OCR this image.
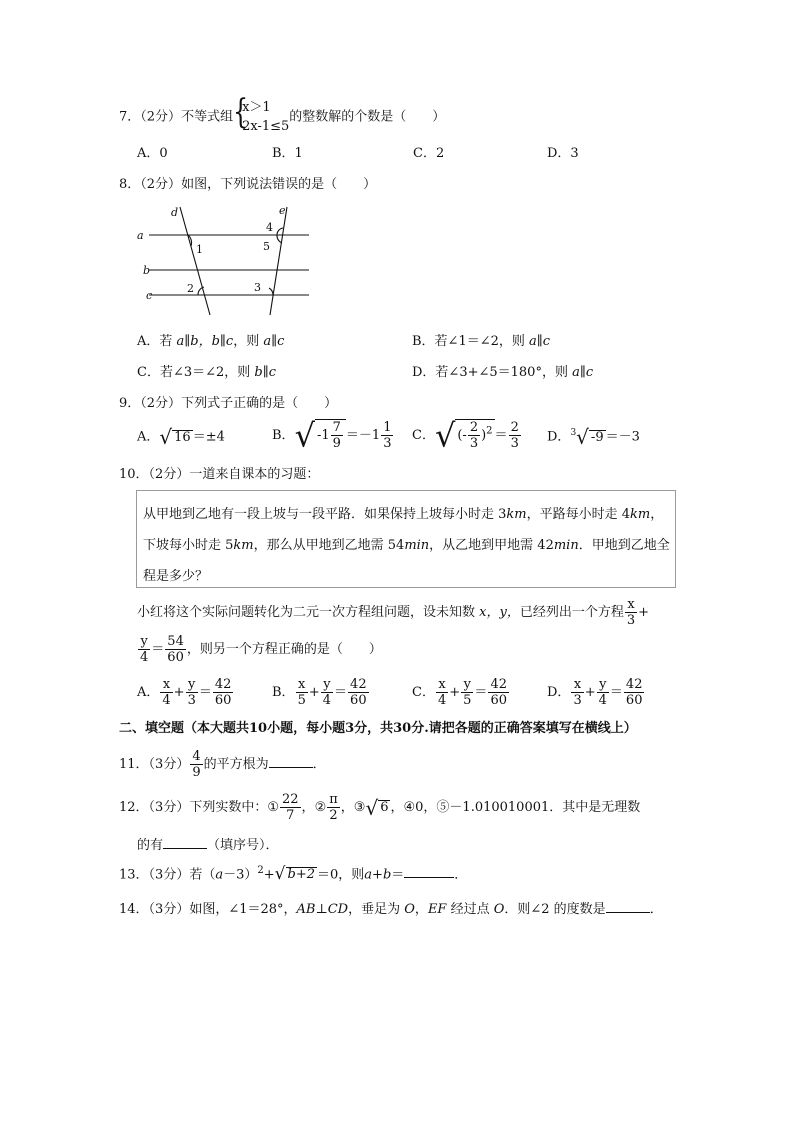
7．（2分）不等式组 {
x＞1
2x-1≤5
的整数解的个数是（　　）
A．0	B．1	C．2	D．3
8．（2分）如图，下列说法错误的是（　　）
a
b
c
d	e
1
2	3
4
5
A．若 a∥b，b∥c，则 a∥c	B．若∠1＝∠2，则 a∥c
C．若∠3＝∠2，则 b∥c	D．若∠3+∠5＝180°，则 a∥c
9．（2分）下列式子正确的是（　　）
A．√ 16 ＝±4	B．√ $-1 \frac{7}{9} =-1 \frac{1}{3}$ C．√ (- $\frac{2}{3} )^2 = \frac{2}{3}$ D．$^3$√ -9 ＝－3
10．（2分）一道来自课本的习题：
从甲地到乙地有一段上坡与一段平路．如果保持上坡每小时走 3km，平路每小时走 4km，
下坡每小时走 5km，那么从甲地到乙地需 54min，从乙地到甲地需 42min．甲地到乙地全
程是多少？
小红将这个实际问题转化为二元一次方程组问题，设未知数 x，y，已经列出一个方程 $\frac{x}{3}$ +
$\frac{y}{4} = \frac{54}{60}$ ，则另一个方程正确的是（　　）
A． $\frac{x}{4} + \frac{y}{3} = \frac{42}{60}$	B． $\frac{x}{5} + \frac{y}{4} = \frac{42}{60}$	C． $\frac{x}{4} + \frac{y}{5} = \frac{42}{60}$	D． $\frac{x}{3} + \frac{y}{4} = \frac{42}{60}$
二、填空题（本大题共10小题，每小题3分，共30分.请把各题的正确答案填写在横线上）
11．（3分） $\frac{4}{9}$ 的平方根为	．
12．（3分）下列实数中：① $\frac{22}{7}$ ，② $\frac{\pi}{2}$ ，③√ 6 ，④0，⑤－1.010010001．其中是无理数
的有	（填序号）．
13．（3分）若$(a-3)^2+√$ b+2 ＝0，则a+b＝	．
14．（3分）如图，∠1＝28°，AB⊥CD，垂足为 O，EF 经过点 O．则∠2 的度数是	．
